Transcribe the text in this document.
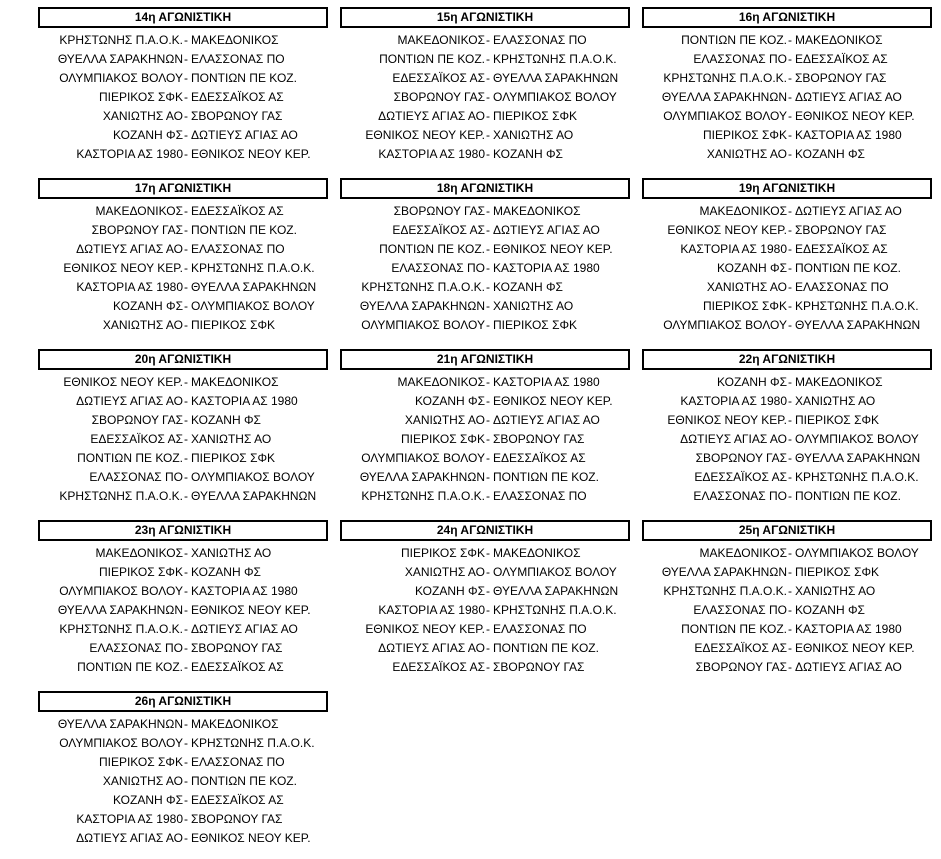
14η ΑΓΩΝΙΣΤΙΚΗ
ΚΡΗΣΤΩΝΗΣ Π.Α.Ο.Κ. - ΜΑΚΕΔΟΝΙΚΟΣ
ΘΥΕΛΛΑ ΣΑΡΑΚΗΝΩΝ - ΕΛΑΣΣΟΝΑΣ ΠΟ
ΟΛΥΜΠΙΑΚΟΣ ΒΟΛΟΥ - ΠΟΝΤΙΩΝ ΠΕ ΚΟΖ.
ΠΙΕΡΙΚΟΣ ΣΦΚ - ΕΔΕΣΣΑΪΚΟΣ ΑΣ
ΧΑΝΙΩΤΗΣ ΑΟ - ΣΒΟΡΩΝΟΥ ΓΑΣ
ΚΟΖΑΝΗ ΦΣ - ΔΩΤΙΕΥΣ ΑΓΙΑΣ ΑΟ
ΚΑΣΤΟΡΙΑ ΑΣ 1980 - ΕΘΝΙΚΟΣ ΝΕΟΥ ΚΕΡ.
15η ΑΓΩΝΙΣΤΙΚΗ
ΜΑΚΕΔΟΝΙΚΟΣ - ΕΛΑΣΣΟΝΑΣ ΠΟ
ΠΟΝΤΙΩΝ ΠΕ ΚΟΖ. - ΚΡΗΣΤΩΝΗΣ Π.Α.Ο.Κ.
ΕΔΕΣΣΑΪΚΟΣ ΑΣ - ΘΥΕΛΛΑ ΣΑΡΑΚΗΝΩΝ
ΣΒΟΡΩΝΟΥ ΓΑΣ - ΟΛΥΜΠΙΑΚΟΣ ΒΟΛΟΥ
ΔΩΤΙΕΥΣ ΑΓΙΑΣ ΑΟ - ΠΙΕΡΙΚΟΣ ΣΦΚ
ΕΘΝΙΚΟΣ ΝΕΟΥ ΚΕΡ. - ΧΑΝΙΩΤΗΣ ΑΟ
ΚΑΣΤΟΡΙΑ ΑΣ 1980 - ΚΟΖΑΝΗ ΦΣ
16η ΑΓΩΝΙΣΤΙΚΗ
ΠΟΝΤΙΩΝ ΠΕ ΚΟΖ. - ΜΑΚΕΔΟΝΙΚΟΣ
ΕΛΑΣΣΟΝΑΣ ΠΟ - ΕΔΕΣΣΑΪΚΟΣ ΑΣ
ΚΡΗΣΤΩΝΗΣ Π.Α.Ο.Κ. - ΣΒΟΡΩΝΟΥ ΓΑΣ
ΘΥΕΛΛΑ ΣΑΡΑΚΗΝΩΝ - ΔΩΤΙΕΥΣ ΑΓΙΑΣ ΑΟ
ΟΛΥΜΠΙΑΚΟΣ ΒΟΛΟΥ - ΕΘΝΙΚΟΣ ΝΕΟΥ ΚΕΡ.
ΠΙΕΡΙΚΟΣ ΣΦΚ - ΚΑΣΤΟΡΙΑ ΑΣ 1980
ΧΑΝΙΩΤΗΣ ΑΟ - ΚΟΖΑΝΗ ΦΣ
17η ΑΓΩΝΙΣΤΙΚΗ
ΜΑΚΕΔΟΝΙΚΟΣ - ΕΔΕΣΣΑΪΚΟΣ ΑΣ
ΣΒΟΡΩΝΟΥ ΓΑΣ - ΠΟΝΤΙΩΝ ΠΕ ΚΟΖ.
ΔΩΤΙΕΥΣ ΑΓΙΑΣ ΑΟ - ΕΛΑΣΣΟΝΑΣ ΠΟ
ΕΘΝΙΚΟΣ ΝΕΟΥ ΚΕΡ. - ΚΡΗΣΤΩΝΗΣ Π.Α.Ο.Κ.
ΚΑΣΤΟΡΙΑ ΑΣ 1980 - ΘΥΕΛΛΑ ΣΑΡΑΚΗΝΩΝ
ΚΟΖΑΝΗ ΦΣ - ΟΛΥΜΠΙΑΚΟΣ ΒΟΛΟΥ
ΧΑΝΙΩΤΗΣ ΑΟ - ΠΙΕΡΙΚΟΣ ΣΦΚ
18η ΑΓΩΝΙΣΤΙΚΗ
ΣΒΟΡΩΝΟΥ ΓΑΣ - ΜΑΚΕΔΟΝΙΚΟΣ
ΕΔΕΣΣΑΪΚΟΣ ΑΣ - ΔΩΤΙΕΥΣ ΑΓΙΑΣ ΑΟ
ΠΟΝΤΙΩΝ ΠΕ ΚΟΖ. - ΕΘΝΙΚΟΣ ΝΕΟΥ ΚΕΡ.
ΕΛΑΣΣΟΝΑΣ ΠΟ - ΚΑΣΤΟΡΙΑ ΑΣ 1980
ΚΡΗΣΤΩΝΗΣ Π.Α.Ο.Κ. - ΚΟΖΑΝΗ ΦΣ
ΘΥΕΛΛΑ ΣΑΡΑΚΗΝΩΝ - ΧΑΝΙΩΤΗΣ ΑΟ
ΟΛΥΜΠΙΑΚΟΣ ΒΟΛΟΥ - ΠΙΕΡΙΚΟΣ ΣΦΚ
19η ΑΓΩΝΙΣΤΙΚΗ
ΜΑΚΕΔΟΝΙΚΟΣ - ΔΩΤΙΕΥΣ ΑΓΙΑΣ ΑΟ
ΕΘΝΙΚΟΣ ΝΕΟΥ ΚΕΡ. - ΣΒΟΡΩΝΟΥ ΓΑΣ
ΚΑΣΤΟΡΙΑ ΑΣ 1980 - ΕΔΕΣΣΑΪΚΟΣ ΑΣ
ΚΟΖΑΝΗ ΦΣ - ΠΟΝΤΙΩΝ ΠΕ ΚΟΖ.
ΧΑΝΙΩΤΗΣ ΑΟ - ΕΛΑΣΣΟΝΑΣ ΠΟ
ΠΙΕΡΙΚΟΣ ΣΦΚ - ΚΡΗΣΤΩΝΗΣ Π.Α.Ο.Κ.
ΟΛΥΜΠΙΑΚΟΣ ΒΟΛΟΥ - ΘΥΕΛΛΑ ΣΑΡΑΚΗΝΩΝ
20η ΑΓΩΝΙΣΤΙΚΗ
ΕΘΝΙΚΟΣ ΝΕΟΥ ΚΕΡ. - ΜΑΚΕΔΟΝΙΚΟΣ
ΔΩΤΙΕΥΣ ΑΓΙΑΣ ΑΟ - ΚΑΣΤΟΡΙΑ ΑΣ 1980
ΣΒΟΡΩΝΟΥ ΓΑΣ - ΚΟΖΑΝΗ ΦΣ
ΕΔΕΣΣΑΪΚΟΣ ΑΣ - ΧΑΝΙΩΤΗΣ ΑΟ
ΠΟΝΤΙΩΝ ΠΕ ΚΟΖ. - ΠΙΕΡΙΚΟΣ ΣΦΚ
ΕΛΑΣΣΟΝΑΣ ΠΟ - ΟΛΥΜΠΙΑΚΟΣ ΒΟΛΟΥ
ΚΡΗΣΤΩΝΗΣ Π.Α.Ο.Κ. - ΘΥΕΛΛΑ ΣΑΡΑΚΗΝΩΝ
21η ΑΓΩΝΙΣΤΙΚΗ
ΜΑΚΕΔΟΝΙΚΟΣ - ΚΑΣΤΟΡΙΑ ΑΣ 1980
ΚΟΖΑΝΗ ΦΣ - ΕΘΝΙΚΟΣ ΝΕΟΥ ΚΕΡ.
ΧΑΝΙΩΤΗΣ ΑΟ - ΔΩΤΙΕΥΣ ΑΓΙΑΣ ΑΟ
ΠΙΕΡΙΚΟΣ ΣΦΚ - ΣΒΟΡΩΝΟΥ ΓΑΣ
ΟΛΥΜΠΙΑΚΟΣ ΒΟΛΟΥ - ΕΔΕΣΣΑΪΚΟΣ ΑΣ
ΘΥΕΛΛΑ ΣΑΡΑΚΗΝΩΝ - ΠΟΝΤΙΩΝ ΠΕ ΚΟΖ.
ΚΡΗΣΤΩΝΗΣ Π.Α.Ο.Κ. - ΕΛΑΣΣΟΝΑΣ ΠΟ
22η ΑΓΩΝΙΣΤΙΚΗ
ΚΟΖΑΝΗ ΦΣ - ΜΑΚΕΔΟΝΙΚΟΣ
ΚΑΣΤΟΡΙΑ ΑΣ 1980 - ΧΑΝΙΩΤΗΣ ΑΟ
ΕΘΝΙΚΟΣ ΝΕΟΥ ΚΕΡ. - ΠΙΕΡΙΚΟΣ ΣΦΚ
ΔΩΤΙΕΥΣ ΑΓΙΑΣ ΑΟ - ΟΛΥΜΠΙΑΚΟΣ ΒΟΛΟΥ
ΣΒΟΡΩΝΟΥ ΓΑΣ - ΘΥΕΛΛΑ ΣΑΡΑΚΗΝΩΝ
ΕΔΕΣΣΑΪΚΟΣ ΑΣ - ΚΡΗΣΤΩΝΗΣ Π.Α.Ο.Κ.
ΕΛΑΣΣΟΝΑΣ ΠΟ - ΠΟΝΤΙΩΝ ΠΕ ΚΟΖ.
23η ΑΓΩΝΙΣΤΙΚΗ
ΜΑΚΕΔΟΝΙΚΟΣ - ΧΑΝΙΩΤΗΣ ΑΟ
ΠΙΕΡΙΚΟΣ ΣΦΚ - ΚΟΖΑΝΗ ΦΣ
ΟΛΥΜΠΙΑΚΟΣ ΒΟΛΟΥ - ΚΑΣΤΟΡΙΑ ΑΣ 1980
ΘΥΕΛΛΑ ΣΑΡΑΚΗΝΩΝ - ΕΘΝΙΚΟΣ ΝΕΟΥ ΚΕΡ.
ΚΡΗΣΤΩΝΗΣ Π.Α.Ο.Κ. - ΔΩΤΙΕΥΣ ΑΓΙΑΣ ΑΟ
ΕΛΑΣΣΟΝΑΣ ΠΟ - ΣΒΟΡΩΝΟΥ ΓΑΣ
ΠΟΝΤΙΩΝ ΠΕ ΚΟΖ. - ΕΔΕΣΣΑΪΚΟΣ ΑΣ
24η ΑΓΩΝΙΣΤΙΚΗ
ΠΙΕΡΙΚΟΣ ΣΦΚ - ΜΑΚΕΔΟΝΙΚΟΣ
ΧΑΝΙΩΤΗΣ ΑΟ - ΟΛΥΜΠΙΑΚΟΣ ΒΟΛΟΥ
ΚΟΖΑΝΗ ΦΣ - ΘΥΕΛΛΑ ΣΑΡΑΚΗΝΩΝ
ΚΑΣΤΟΡΙΑ ΑΣ 1980 - ΚΡΗΣΤΩΝΗΣ Π.Α.Ο.Κ.
ΕΘΝΙΚΟΣ ΝΕΟΥ ΚΕΡ. - ΕΛΑΣΣΟΝΑΣ ΠΟ
ΔΩΤΙΕΥΣ ΑΓΙΑΣ ΑΟ - ΠΟΝΤΙΩΝ ΠΕ ΚΟΖ.
ΕΔΕΣΣΑΪΚΟΣ ΑΣ - ΣΒΟΡΩΝΟΥ ΓΑΣ
25η ΑΓΩΝΙΣΤΙΚΗ
ΜΑΚΕΔΟΝΙΚΟΣ - ΟΛΥΜΠΙΑΚΟΣ ΒΟΛΟΥ
ΘΥΕΛΛΑ ΣΑΡΑΚΗΝΩΝ - ΠΙΕΡΙΚΟΣ ΣΦΚ
ΚΡΗΣΤΩΝΗΣ Π.Α.Ο.Κ. - ΧΑΝΙΩΤΗΣ ΑΟ
ΕΛΑΣΣΟΝΑΣ ΠΟ - ΚΟΖΑΝΗ ΦΣ
ΠΟΝΤΙΩΝ ΠΕ ΚΟΖ. - ΚΑΣΤΟΡΙΑ ΑΣ 1980
ΕΔΕΣΣΑΪΚΟΣ ΑΣ - ΕΘΝΙΚΟΣ ΝΕΟΥ ΚΕΡ.
ΣΒΟΡΩΝΟΥ ΓΑΣ - ΔΩΤΙΕΥΣ ΑΓΙΑΣ ΑΟ
26η ΑΓΩΝΙΣΤΙΚΗ
ΘΥΕΛΛΑ ΣΑΡΑΚΗΝΩΝ - ΜΑΚΕΔΟΝΙΚΟΣ
ΟΛΥΜΠΙΑΚΟΣ ΒΟΛΟΥ - ΚΡΗΣΤΩΝΗΣ Π.Α.Ο.Κ.
ΠΙΕΡΙΚΟΣ ΣΦΚ - ΕΛΑΣΣΟΝΑΣ ΠΟ
ΧΑΝΙΩΤΗΣ ΑΟ - ΠΟΝΤΙΩΝ ΠΕ ΚΟΖ.
ΚΟΖΑΝΗ ΦΣ - ΕΔΕΣΣΑΪΚΟΣ ΑΣ
ΚΑΣΤΟΡΙΑ ΑΣ 1980 - ΣΒΟΡΩΝΟΥ ΓΑΣ
ΔΩΤΙΕΥΣ ΑΓΙΑΣ ΑΟ - ΕΘΝΙΚΟΣ ΝΕΟΥ ΚΕΡ.
